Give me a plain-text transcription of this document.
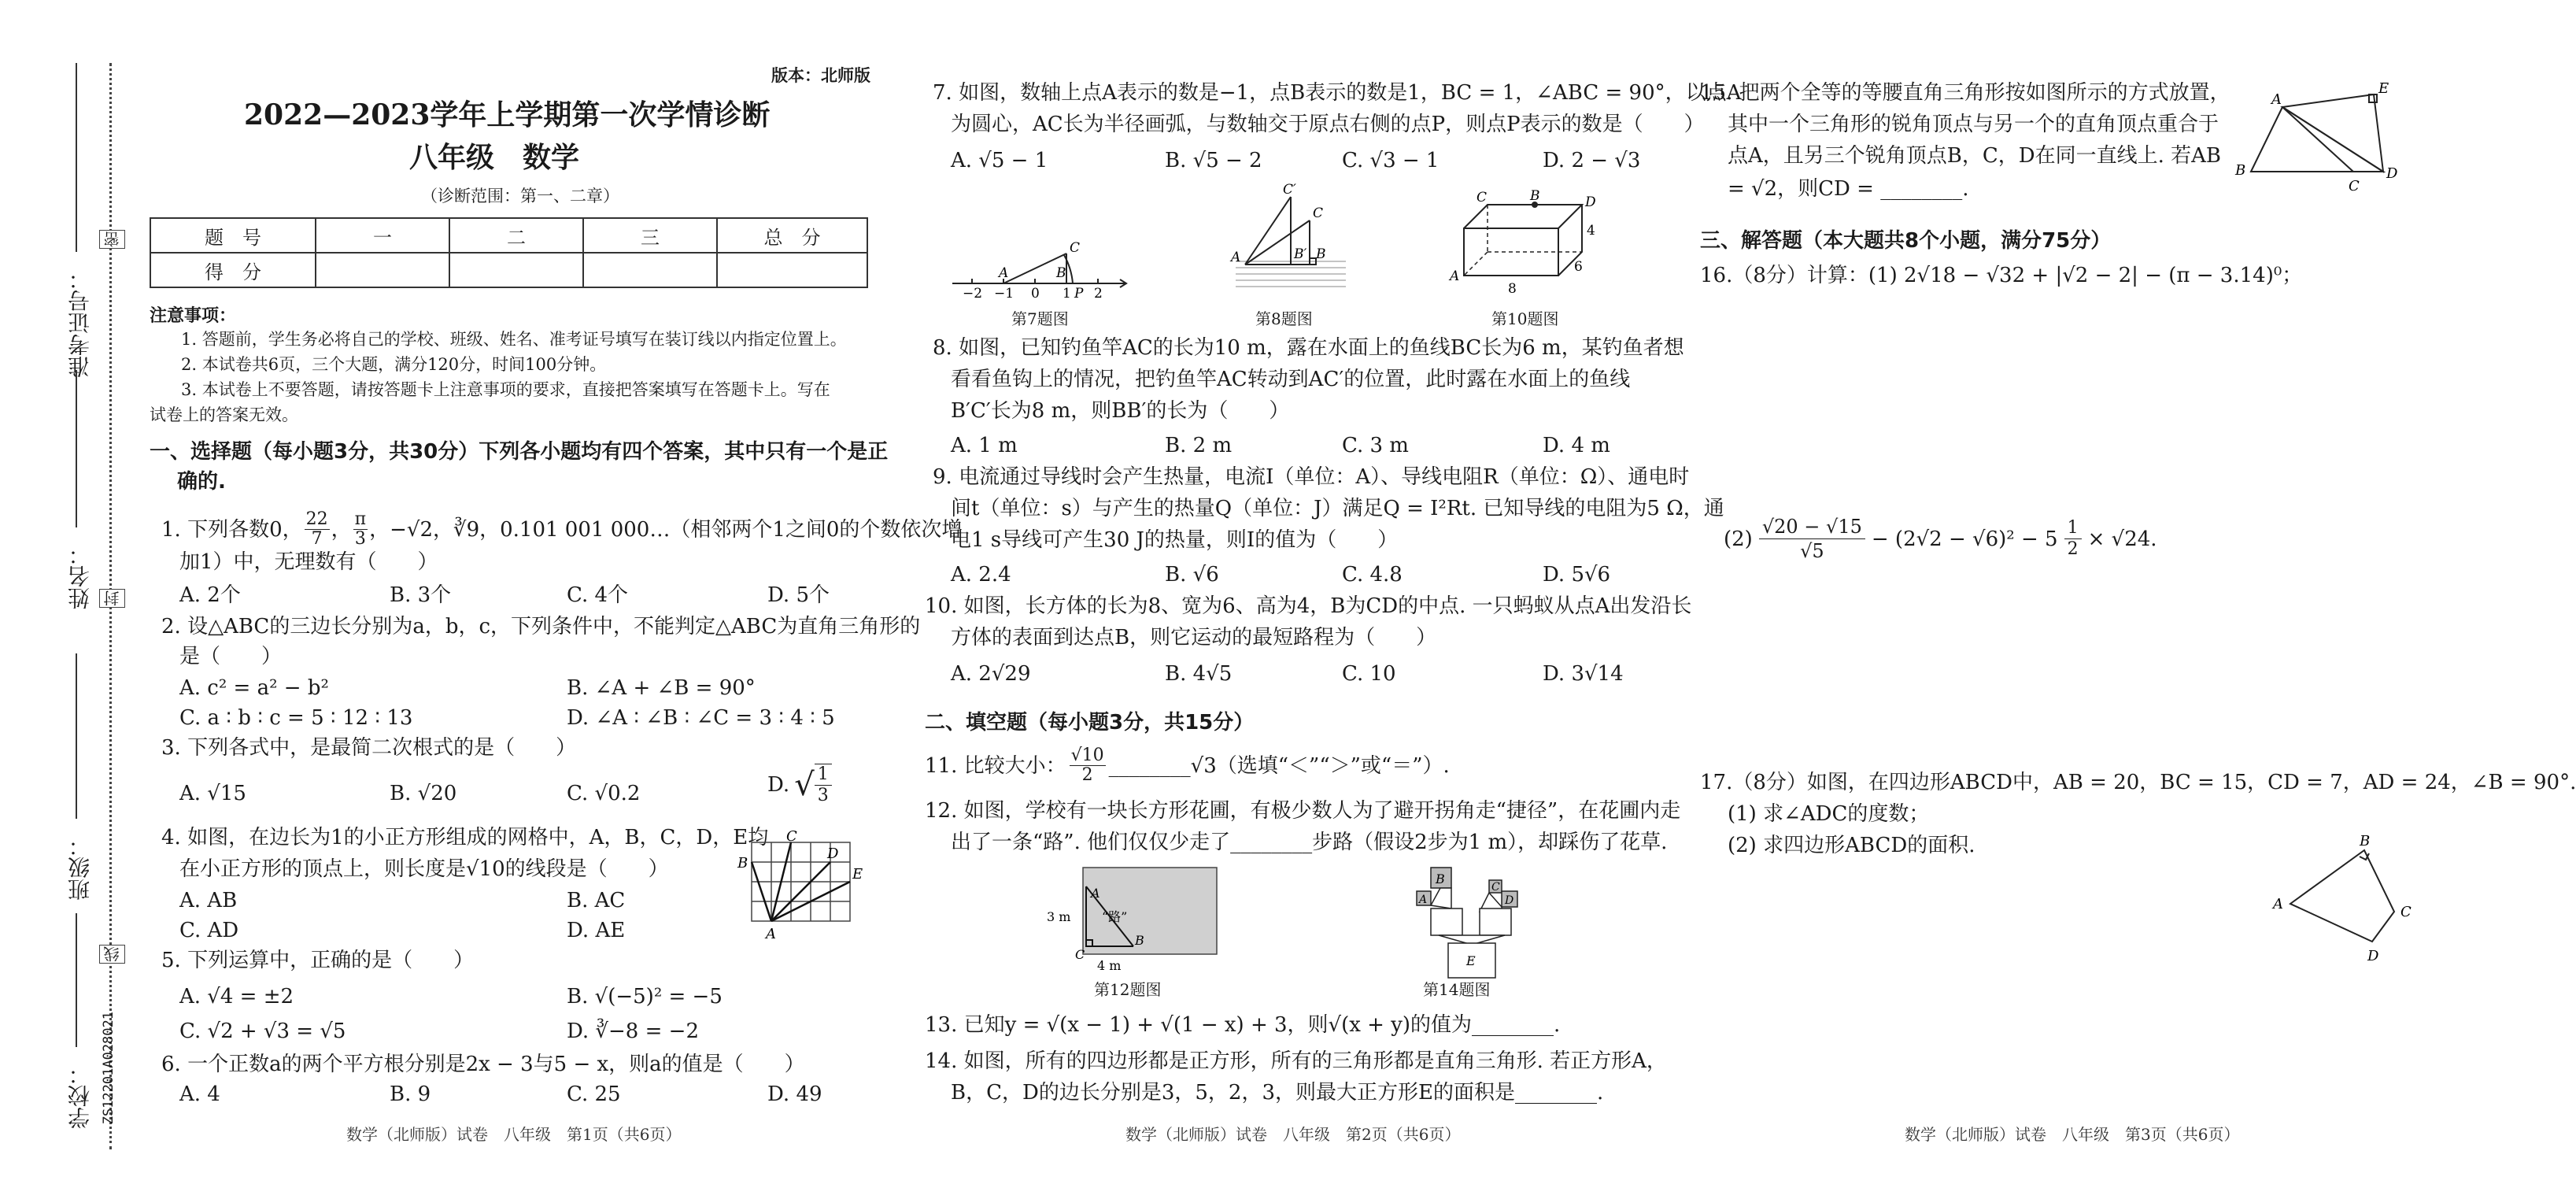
准考证号：
姓名：
班级：
学校：
密
封
线
ZS12201A028021
版本：北师版
2022—2023学年上学期第一次学情诊断
八年级　数学
（诊断范围：第一、二章）
题　号	一	二	三	总　分
得　分				
注意事项：
1. 答题前，学生务必将自己的学校、班级、姓名、准考证号填写在装订线以内指定位置上。
2. 本试卷共6页，三个大题，满分120分，时间100分钟。
3. 本试卷上不要答题，请按答题卡上注意事项的要求，直接把答案填写在答题卡上。写在
试卷上的答案无效。
一、选择题（每小题3分，共30分）下列各小题均有四个答案，其中只有一个是正
确的.
1. 下列各数0， $\frac{22}{7}$ ， $\frac{\pi}{3}$ ，−√2，∛9，0.101 001 000…（相邻两个1之间0的个数依次增
加1）中，无理数有（　　）
A. 2个	B. 3个	C. 4个	D. 5个
2. 设△ABC的三边长分别为a，b，c，下列条件中，不能判定△ABC为直角三角形的
是（　　）
A. c² = a² − b²	B. ∠A + ∠B = 90°
C. a ∶ b ∶ c = 5 ∶ 12 ∶ 13	D. ∠A ∶ ∠B ∶ ∠C = 3 ∶ 4 ∶ 5
3. 下列各式中，是最简二次根式的是（　　）
A. √15	B. √20	C. √0.2	D. √ $\frac{1}{3}$
4. 如图，在边长为1的小正方形组成的网格中，A，B，C，D，E均
在小正方形的顶点上，则长度是√10的线段是（　　）
A. AB	B. AC
C. AD	D. AE	A
B
C
D
E
5. 下列运算中，正确的是（　　）
A. √4 = ±2	B. √(−5)² = −5
C. √2 + √3 = √5	D. ∛−8 = −2
6. 一个正数a的两个平方根分别是2x − 3与5 − x，则a的值是（　　）
A. 4	B. 9	C. 25	D. 49
数学（北师版）试卷　八年级　第1页（共6页）
7. 如图，数轴上点A表示的数是−1，点B表示的数是1，BC = 1，∠ABC = 90°，以点A
为圆心，AC长为半径画弧，与数轴交于原点右侧的点P，则点P表示的数是（　　）
A. √5 − 1	B. √5 − 2	C. √3 − 1	D. 2 − √3
−2 −1 0 1 2
A	B
C
P
第7题图
C′
C
A	B′ B
第8题图
C	B	D
A
8
6
4
第10题图
8. 如图，已知钓鱼竿AC的长为10 m，露在水面上的鱼线BC长为6 m，某钓鱼者想
看看鱼钩上的情况，把钓鱼竿AC转动到AC′的位置，此时露在水面上的鱼线
B′C′长为8 m，则BB′的长为（　　）
A. 1 m	B. 2 m	C. 3 m	D. 4 m
9. 电流通过导线时会产生热量，电流I（单位：A）、导线电阻R（单位：Ω）、通电时
间t（单位：s）与产生的热量Q（单位：J）满足Q = I²Rt. 已知导线的电阻为5 Ω，通
电1 s导线可产生30 J的热量，则I的值为（　　）
A. 2.4	B. √6	C. 4.8	D. 5√6
10. 如图，长方体的长为8、宽为6、高为4，B为CD的中点. 一只蚂蚁从点A出发沿长
方体的表面到达点B，则它运动的最短路程为（　　）
A. 2√29	B. 4√5	C. 10	D. 3√14
二、填空题（每小题3分，共15分）
11. 比较大小： $\frac{√10}{2}$ ________√3（选填“＜”“＞”或“＝”）.
12. 如图，学校有一块长方形花圃，有极少数人为了避开拐角走“捷径”，在花圃内走
出了一条“路”. 他们仅仅少走了________步路（假设2步为1 m），却踩伤了花草.
A
B
C
“路”
3 m
4 m
第12题图
B
A
C
D
E
第14题图
13. 已知y = √(x − 1) + √(1 − x) + 3，则√(x + y)的值为________.
14. 如图，所有的四边形都是正方形，所有的三角形都是直角三角形. 若正方形A，
B，C，D的边长分别是3，5，2，3，则最大正方形E的面积是________.
数学（北师版）试卷　八年级　第2页（共6页）
15. 把两个全等的等腰直角三角形按如图所示的方式放置，
其中一个三角形的锐角顶点与另一个的直角顶点重合于
点A，且另三个锐角顶点B，C，D在同一直线上. 若AB
= √2，则CD = ________.
A
E
B
C
D
三、解答题（本大题共8个小题，满分75分）
16.（8分）计算：(1) 2√18 − √32 + |√2 − 2| − (π − 3.14)⁰；
$(2) \frac{√20 - √15}{√5} - (2√2 - √6)^2 - 5 \frac{1}{2} \times √24$.
17.（8分）如图，在四边形ABCD中，AB = 20，BC = 15，CD = 7，AD = 24，∠B = 90°.
(1) 求∠ADC的度数；
(2) 求四边形ABCD的面积.
A
B
C
D
数学（北师版）试卷　八年级　第3页（共6页）
